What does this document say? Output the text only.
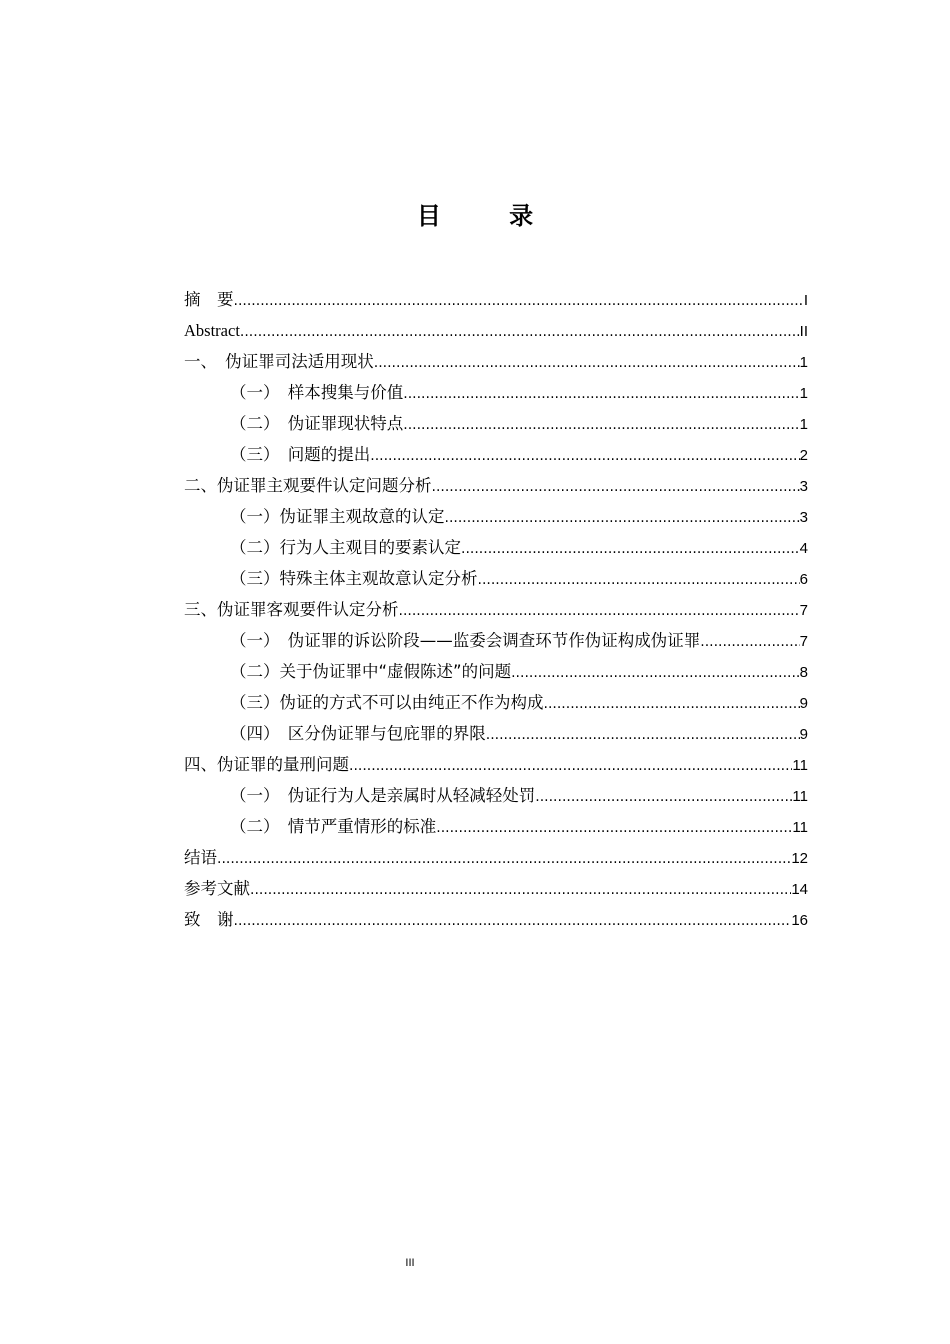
目 录
摘　要 .....	I
Abstract .....	II
一、　伪证罪司法适用现状 .....	1
（一）　样本搜集与价值 .....	1
（二）　伪证罪现状特点 .....	1
（三）　问题的提出 .....	2
二、伪证罪主观要件认定问题分析 .....	3
（一）伪证罪主观故意的认定 .....	3
（二）行为人主观目的要素认定 .....	4
（三）特殊主体主观故意认定分析 .....	6
三、伪证罪客观要件认定分析 .....	7
（一）　伪证罪的诉讼阶段——监委会调查环节作伪证构成伪证罪 .....	7
（二）关于伪证罪中“虚假陈述”的问题 .....	8
（三）伪证的方式不可以由纯正不作为构成 .....	9
（四）　区分伪证罪与包庇罪的界限 .....	9
四、伪证罪的量刑问题 .....	11
（一）　伪证行为人是亲属时从轻减轻处罚 .....	11
（二）　情节严重情形的标准 .....	11
结语 .....	12
参考文献 .....	14
致　谢 .....	16
III
